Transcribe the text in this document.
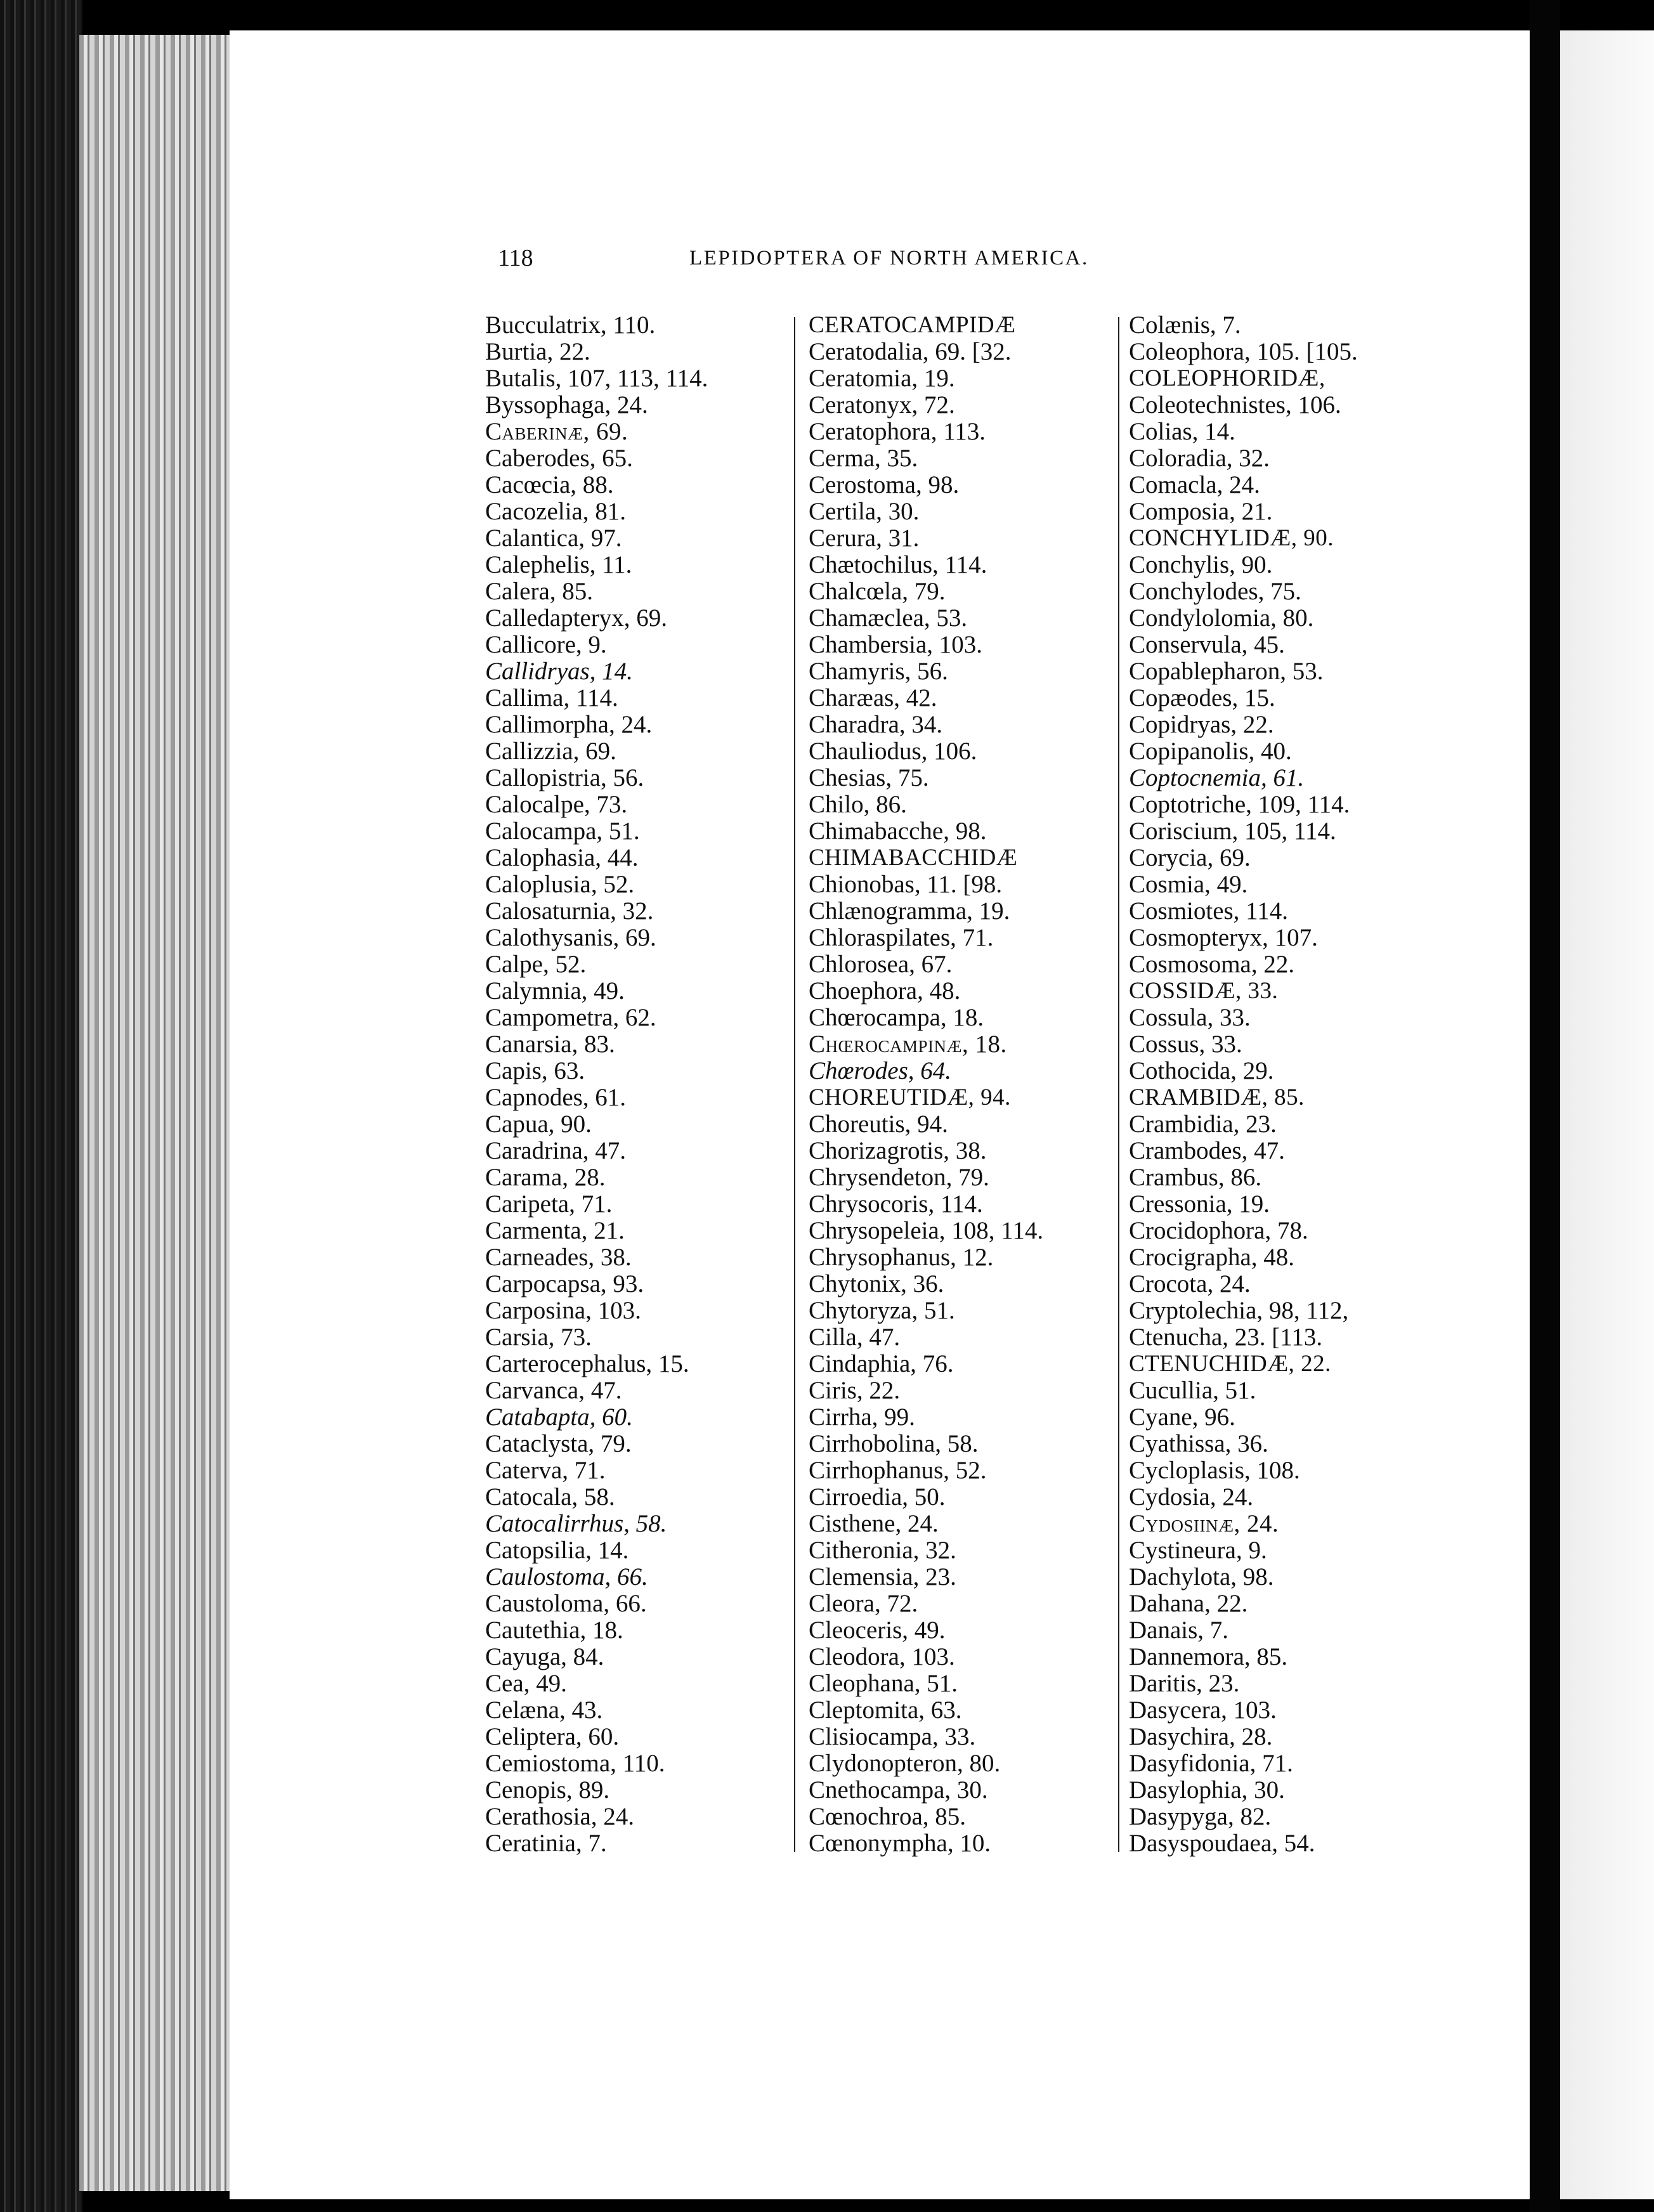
118	LEPIDOPTERA OF NORTH AMERICA.
Bucculatrix, 110.
Burtia, 22.
Butalis, 107, 113, 114.
Byssophaga, 24.
Caberinæ, 69.
Caberodes, 65.
Cacœcia, 88.
Cacozelia, 81.
Calantica, 97.
Calephelis, 11.
Calera, 85.
Calledapteryx, 69.
Callicore, 9.
Callidryas, 14.
Callima, 114.
Callimorpha, 24.
Callizzia, 69.
Callopistria, 56.
Calocalpe, 73.
Calocampa, 51.
Calophasia, 44.
Caloplusia, 52.
Calosaturnia, 32.
Calothysanis, 69.
Calpe, 52.
Calymnia, 49.
Campometra, 62.
Canarsia, 83.
Capis, 63.
Capnodes, 61.
Capua, 90.
Caradrina, 47.
Carama, 28.
Caripeta, 71.
Carmenta, 21.
Carneades, 38.
Carpocapsa, 93.
Carposina, 103.
Carsia, 73.
Carterocephalus, 15.
Carvanca, 47.
Catabapta, 60.
Cataclysta, 79.
Caterva, 71.
Catocala, 58.
Catocalirrhus, 58.
Catopsilia, 14.
Caulostoma, 66.
Caustoloma, 66.
Cautethia, 18.
Cayuga, 84.
Cea, 49.
Celæna, 43.
Celiptera, 60.
Cemiostoma, 110.
Cenopis, 89.
Cerathosia, 24.
Ceratinia, 7.
CERATOCAMPIDÆ
Ceratodalia, 69. [32.
Ceratomia, 19.
Ceratonyx, 72.
Ceratophora, 113.
Cerma, 35.
Cerostoma, 98.
Certila, 30.
Cerura, 31.
Chætochilus, 114.
Chalcœla, 79.
Chamæclea, 53.
Chambersia, 103.
Chamyris, 56.
Charæas, 42.
Charadra, 34.
Chauliodus, 106.
Chesias, 75.
Chilo, 86.
Chimabacche, 98.
CHIMABACCHIDÆ
Chionobas, 11. [98.
Chlænogramma, 19.
Chloraspilates, 71.
Chlorosea, 67.
Choephora, 48.
Chœrocampa, 18.
Chœrocampinæ, 18.
Chœrodes, 64.
CHOREUTIDÆ, 94.
Choreutis, 94.
Chorizagrotis, 38.
Chrysendeton, 79.
Chrysocoris, 114.
Chrysopeleia, 108, 114.
Chrysophanus, 12.
Chytonix, 36.
Chytoryza, 51.
Cilla, 47.
Cindaphia, 76.
Ciris, 22.
Cirrha, 99.
Cirrhobolina, 58.
Cirrhophanus, 52.
Cirroedia, 50.
Cisthene, 24.
Citheronia, 32.
Clemensia, 23.
Cleora, 72.
Cleoceris, 49.
Cleodora, 103.
Cleophana, 51.
Cleptomita, 63.
Clisiocampa, 33.
Clydonopteron, 80.
Cnethocampa, 30.
Cœnochroa, 85.
Cœnonympha, 10.
Colænis, 7.
Coleophora, 105. [105.
COLEOPHORIDÆ,
Coleotechnistes, 106.
Colias, 14.
Coloradia, 32.
Comacla, 24.
Composia, 21.
CONCHYLIDÆ, 90.
Conchylis, 90.
Conchylodes, 75.
Condylolomia, 80.
Conservula, 45.
Copablepharon, 53.
Copæodes, 15.
Copidryas, 22.
Copipanolis, 40.
Coptocnemia, 61.
Coptotriche, 109, 114.
Coriscium, 105, 114.
Corycia, 69.
Cosmia, 49.
Cosmiotes, 114.
Cosmopteryx, 107.
Cosmosoma, 22.
COSSIDÆ, 33.
Cossula, 33.
Cossus, 33.
Cothocida, 29.
CRAMBIDÆ, 85.
Crambidia, 23.
Crambodes, 47.
Crambus, 86.
Cressonia, 19.
Crocidophora, 78.
Crocigrapha, 48.
Crocota, 24.
Cryptolechia, 98, 112,
Ctenucha, 23. [113.
CTENUCHIDÆ, 22.
Cucullia, 51.
Cyane, 96.
Cyathissa, 36.
Cycloplasis, 108.
Cydosia, 24.
Cydosiinæ, 24.
Cystineura, 9.
Dachylota, 98.
Dahana, 22.
Danais, 7.
Dannemora, 85.
Daritis, 23.
Dasycera, 103.
Dasychira, 28.
Dasyfidonia, 71.
Dasylophia, 30.
Dasypyga, 82.
Dasyspoudaea, 54.
